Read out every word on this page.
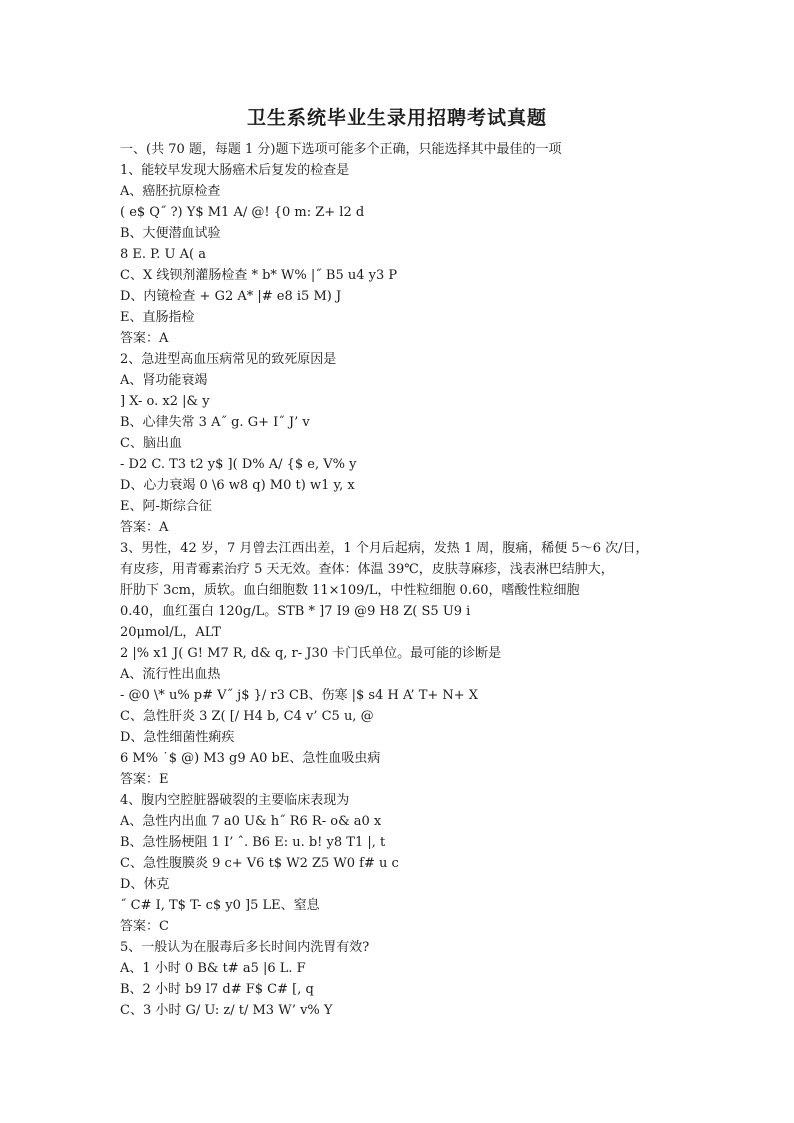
卫生系统毕业生录用招聘考试真题
一、(共 70 题，每题 1 分)题下选项可能多个正确，只能选择其中最佳的一项
1、能较早发现大肠癌术后复发的检查是
A、癌胚抗原检查
( e$ Q˝ ?) Y$ M1 A/ @! {0 m: Z+ l2 d
B、大便潜血试验
8 E. P. U A( a
C、X 线钡剂灌肠检查 * b* W% |˝ B5 u4 y3 P
D、内镜检查 + G2 A* |# e8 i5 M) J
E、直肠指检
答案：A
2、急进型高血压病常见的致死原因是
A、肾功能衰竭
] X- o. x2 |& y
B、心律失常 3 A˝ g. G+ I˝ J’ v
C、脑出血
- D2 C. T3 t2 y$ ]( D% A/ {$ e, V% y
D、心力衰竭 0 \6 w8 q) M0 t) w1 y, x
E、阿-斯综合征
答案：A
3、男性，42 岁，7 月曾去江西出差，1 个月后起病，发热 1 周，腹痛，稀便 5～6 次/日，
有皮疹，用青霉素治疗 5 天无效。查体：体温 39℃，皮肤荨麻疹，浅表淋巴结肿大，
肝肋下 3cm，质软。血白细胞数 11×109/L，中性粒细胞 0.60，嗜酸性粒细胞
0.40，血红蛋白 120g/L。STB * ]7 I9 @9 H8 Z( S5 U9 i
20μmol/L，ALT
2 |% x1 J( G! M7 R, d& q, r- J30 卡门氏单位。最可能的诊断是
A、流行性出血热
- @0 \* u% p# V˝ j$ }/ r3 CB、伤寒 |$ s4 H A’ T+ N+ X
C、急性肝炎 3 Z( [/ H4 b, C4 v’ C5 u, @
D、急性细菌性痢疾
6 M% ˙$ @) M3 g9 A0 bE、急性血吸虫病
答案：E
4、腹内空腔脏器破裂的主要临床表现为
A、急性内出血 7 a0 U& h˝ R6 R- o& a0 x
B、急性肠梗阻 1 I’ ˆ. B6 E: u. b! y8 T1 |, t
C、急性腹膜炎 9 c+ V6 t$ W2 Z5 W0 f# u c
D、休克
˝ C# I, T$ T- c$ y0 ]5 LE、窒息
答案：C
5、一般认为在服毒后多长时间内洗胃有效?
A、1 小时 0 B& t# a5 |6 L. F
B、2 小时 b9 l7 d# F$ C# [, q
C、3 小时 G/ U: z/ t/ M3 W’ v% Y
